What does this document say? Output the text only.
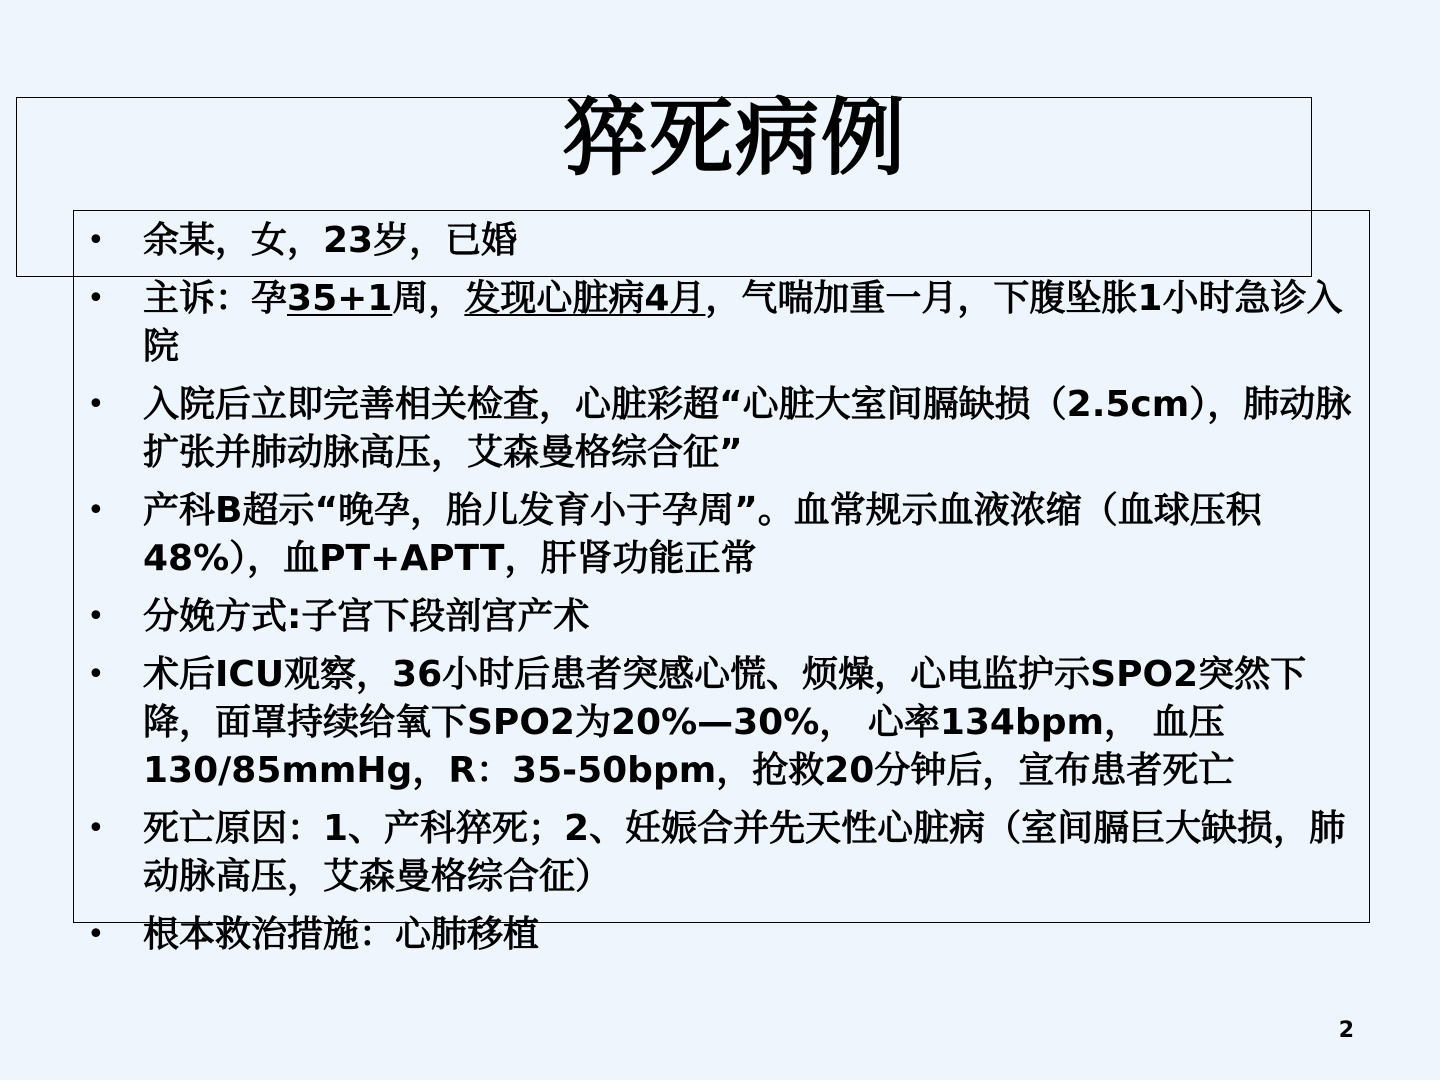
猝死病例
• 余某，女，23岁，已婚
• 主诉：孕35+1周，发现心脏病4月，气喘加重一月，下腹坠胀1小时急诊入院
• 入院后立即完善相关检查，心脏彩超“心脏大室间膈缺损（2.5cm），肺动脉扩张并肺动脉高压，艾森曼格综合征”
• 产科B超示“晚孕，胎儿发育小于孕周”。血常规示血液浓缩（血球压积48%），血PT+APTT，肝肾功能正常
• 分娩方式:子宫下段剖宫产术
• 术后ICU观察，36小时后患者突感心慌、烦燥，心电监护示SPO2突然下降，面罩持续给氧下SPO2为20%—30%， 心率134bpm， 血压130/85mmHg，R：35-50bpm，抢救20分钟后，宣布患者死亡
• 死亡原因：1、产科猝死；2、妊娠合并先天性心脏病（室间膈巨大缺损，肺动脉高压，艾森曼格综合征）
• 根本救治措施：心肺移植
2
